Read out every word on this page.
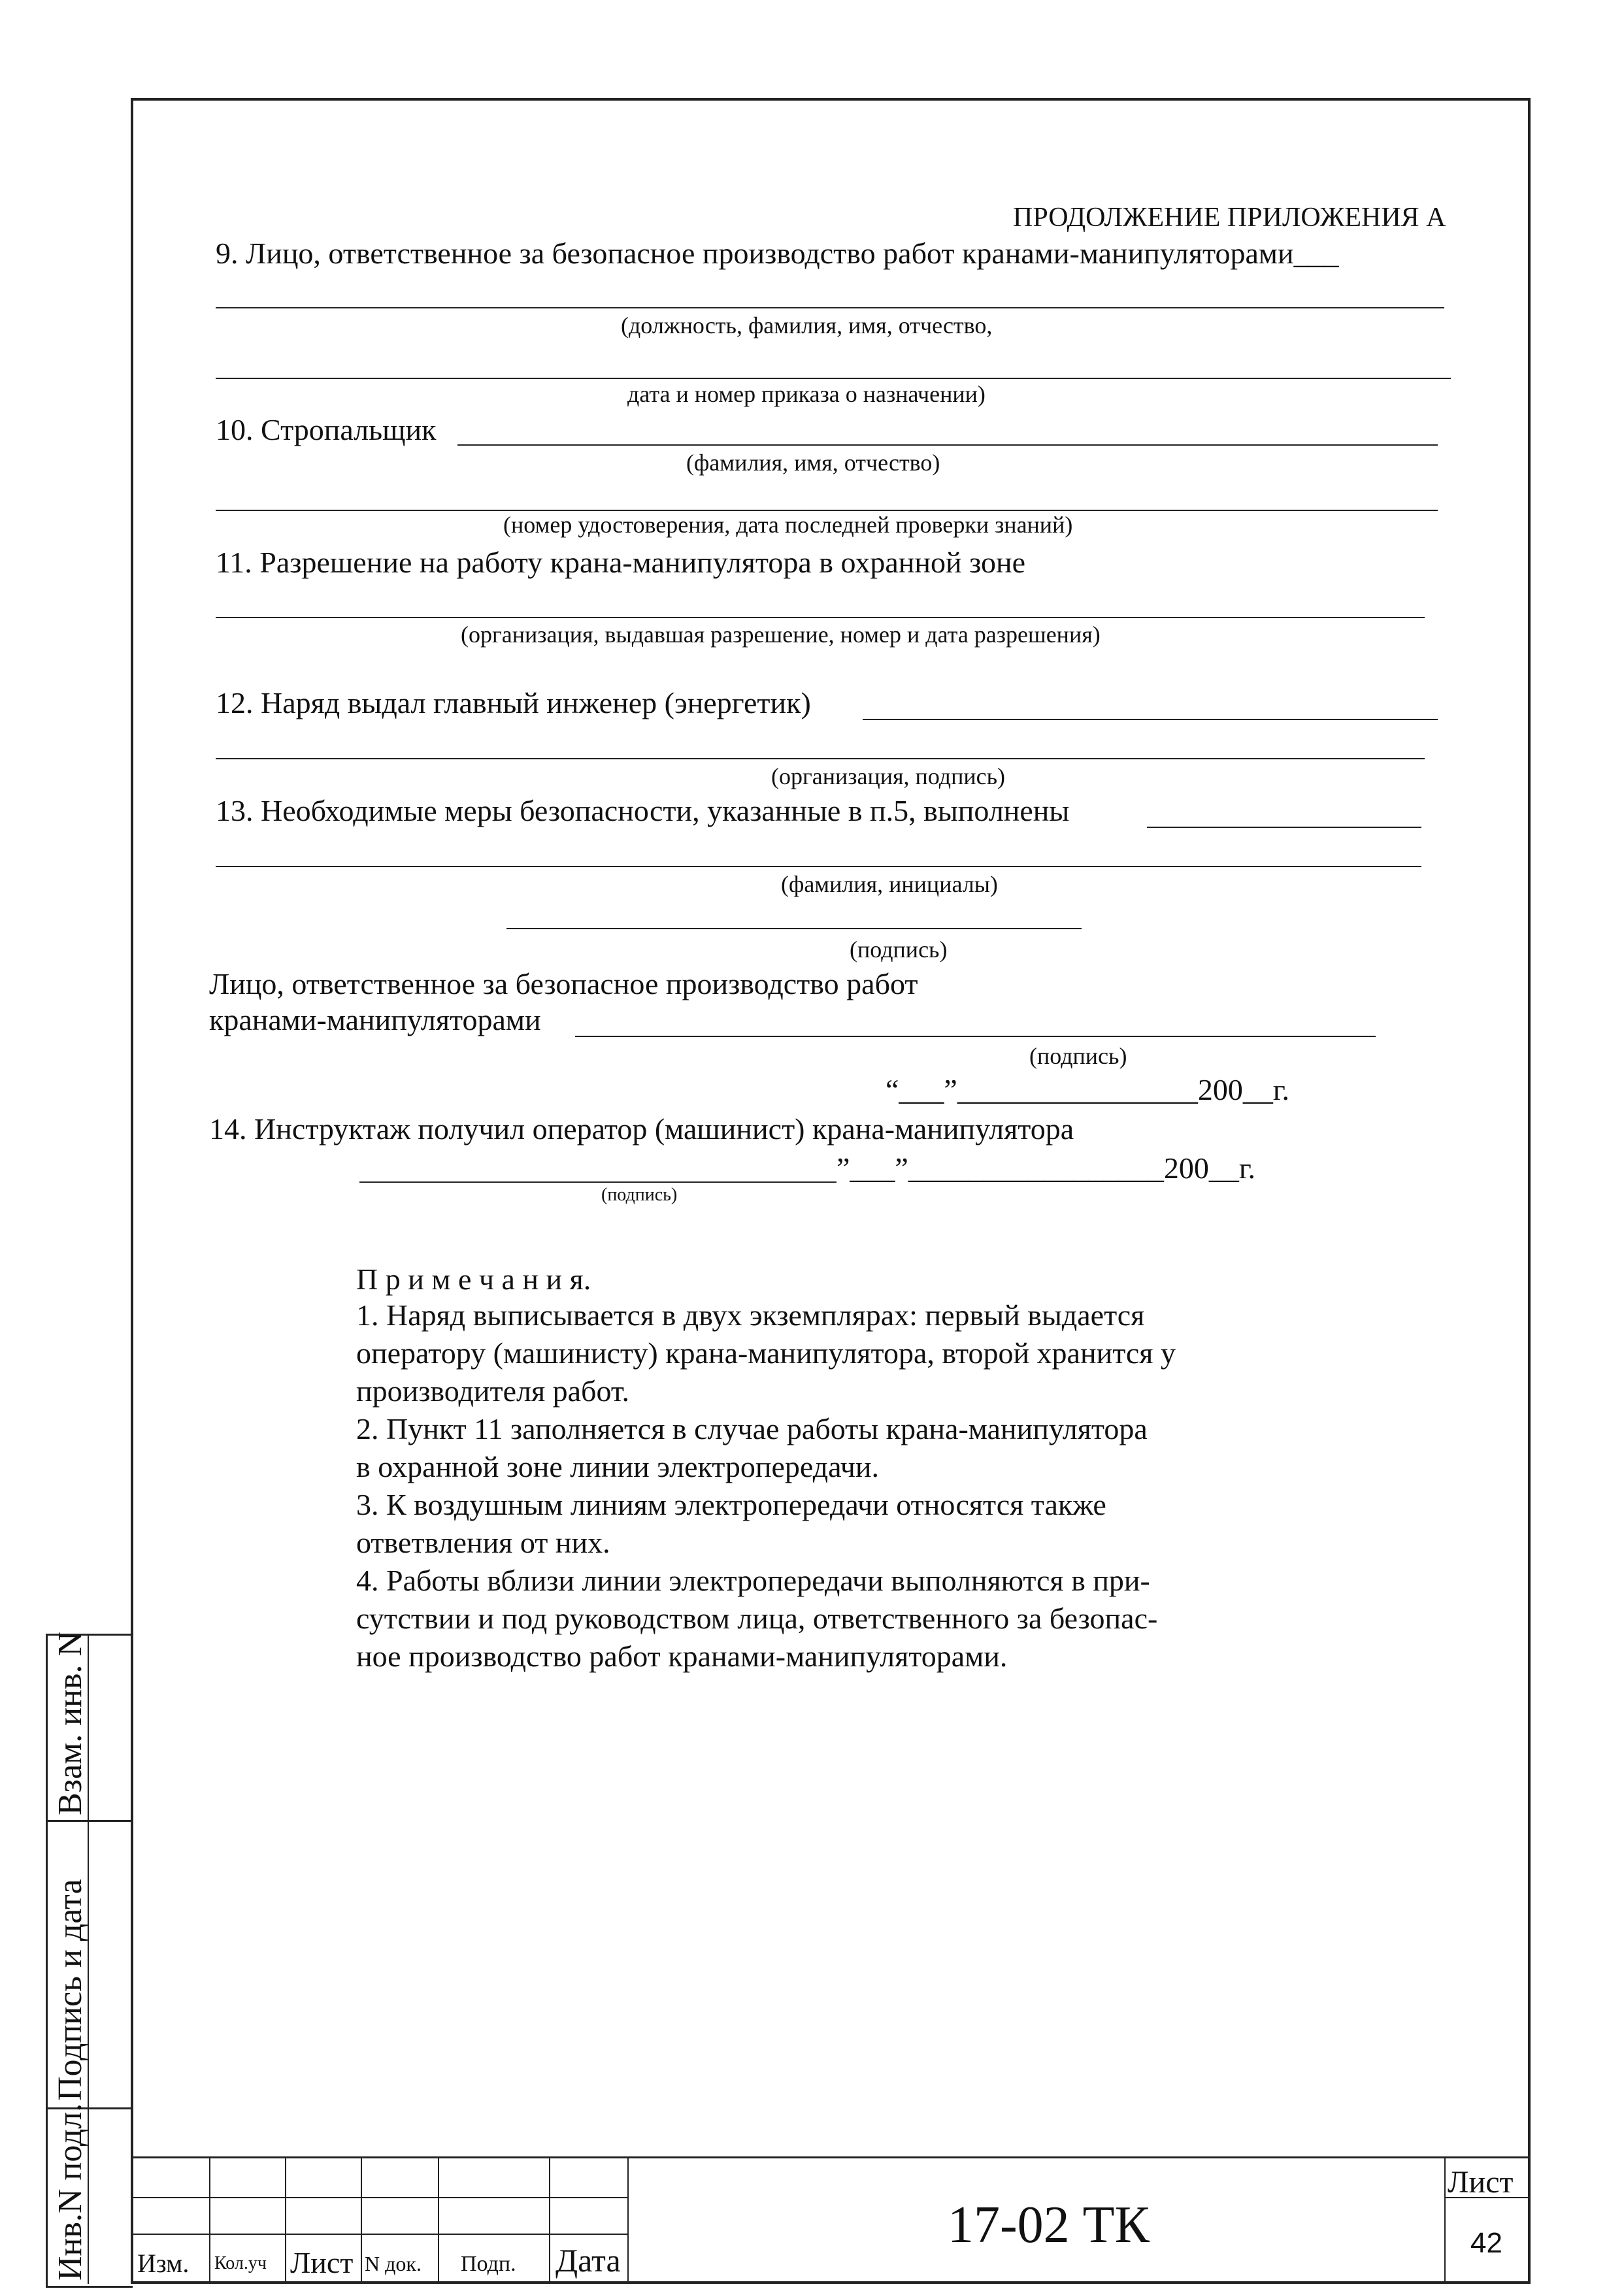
ПРОДОЛЖЕНИЕ ПРИЛОЖЕНИЯ А
9. Лицо, ответственное за безопасное производство работ кранами-манипуляторами___
(должность, фамилия, имя, отчество,
дата и номер приказа о назначении)
10. Стропальщик
(фамилия, имя, отчество)
(номер удостоверения, дата последней проверки знаний)
11. Разрешение на работу крана-манипулятора в охранной зоне
(организация, выдавшая разрешение, номер и дата разрешения)
12. Наряд выдал главный инженер (энергетик)
(организация, подпись)
13. Необходимые меры безопасности, указанные в п.5, выполнены
(фамилия, инициалы)
(подпись)
Лицо, ответственное за безопасное производство работ
кранами-манипуляторами
(подпись)
“___”________________200__г.
14. Инструктаж получил оператор (машинист) крана-манипулятора
”___”_________________200__г.
(подпись)
П р и м е ч а н и я.
1. Наряд выписывается в двух экземплярах: первый выдается
оператору (машинисту) крана-манипулятора, второй хранится у
производителя работ.
2. Пункт 11 заполняется в случае работы крана-манипулятора
в охранной зоне линии электропередачи.
3. К воздушным линиям электропередачи относятся также
ответвления от них.
4. Работы вблизи линии электропередачи выполняются в при-
сутствии и под руководством лица, ответственного за безопас-
ное производство работ кранами-манипуляторами.
Взам. инв. N
Подпись и дата
Инв.N подл. Изм. Кол.уч Лист N док. Подп. Дата
17-02 ТК
Лист
42
